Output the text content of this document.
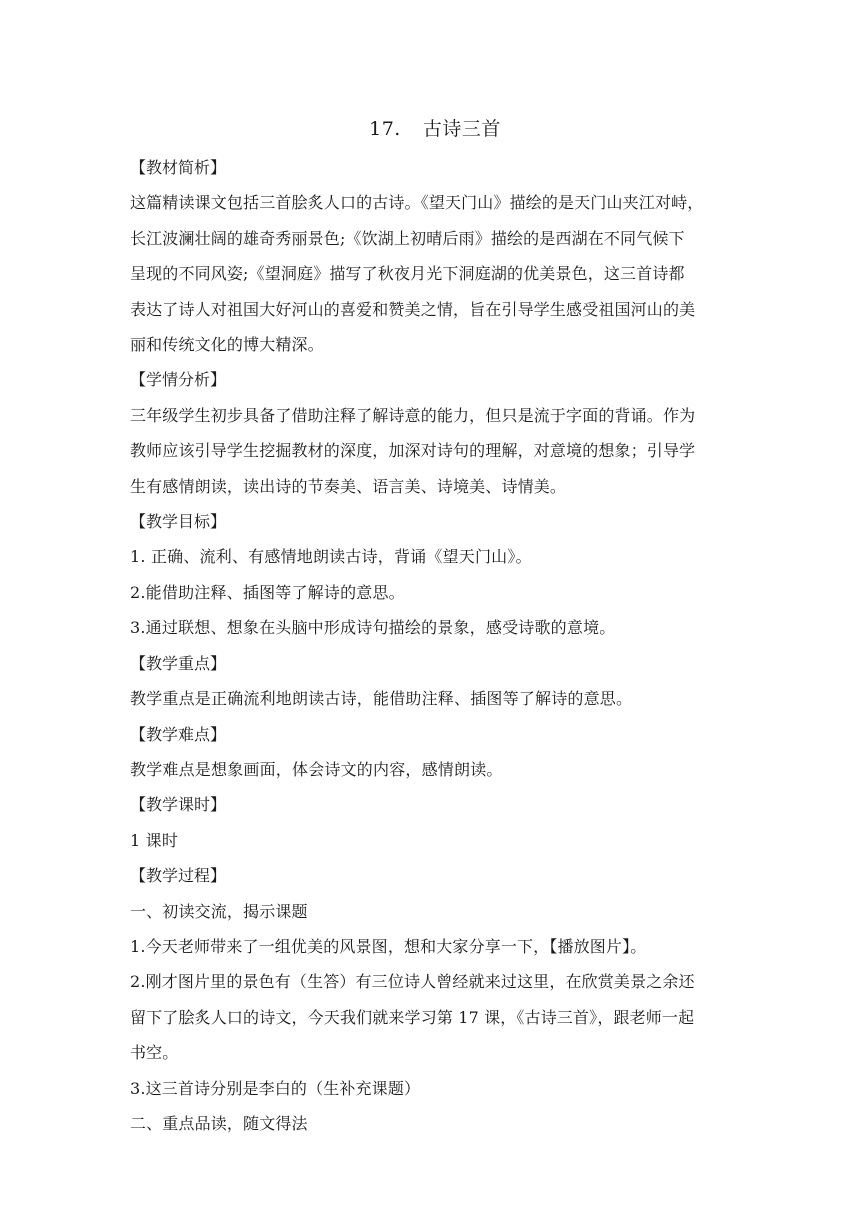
17. 古诗三首
【教材简析】
这篇精读课文包括三首脍炙人口的古诗。《望天门山》描绘的是天门山夹江对峙，
长江波澜壮阔的雄奇秀丽景色;《饮湖上初晴后雨》描绘的是西湖在不同气候下
呈现的不同风姿;《望洞庭》描写了秋夜月光下洞庭湖的优美景色，这三首诗都
表达了诗人对祖国大好河山的喜爱和赞美之情，旨在引导学生感受祖国河山的美
丽和传统文化的博大精深。
【学情分析】
三年级学生初步具备了借助注释了解诗意的能力，但只是流于字面的背诵。作为
教师应该引导学生挖掘教材的深度，加深对诗句的理解，对意境的想象；引导学
生有感情朗读，读出诗的节奏美、语言美、诗境美、诗情美。
【教学目标】
1. 正确、流利、有感情地朗读古诗，背诵《望天门山》。
2.能借助注释、插图等了解诗的意思。
3.通过联想、想象在头脑中形成诗句描绘的景象，感受诗歌的意境。
【教学重点】
教学重点是正确流利地朗读古诗，能借助注释、插图等了解诗的意思。
【教学难点】
教学难点是想象画面，体会诗文的内容，感情朗读。
【教学课时】
1 课时
【教学过程】
一、初读交流，揭示课题
1.今天老师带来了一组优美的风景图，想和大家分享一下，【播放图片】。
2.刚才图片里的景色有（生答）有三位诗人曾经就来过这里，在欣赏美景之余还
留下了脍炙人口的诗文，今天我们就来学习第 17 课，《古诗三首》，跟老师一起
书空。
3.这三首诗分别是李白的（生补充课题）
二、重点品读，随文得法
